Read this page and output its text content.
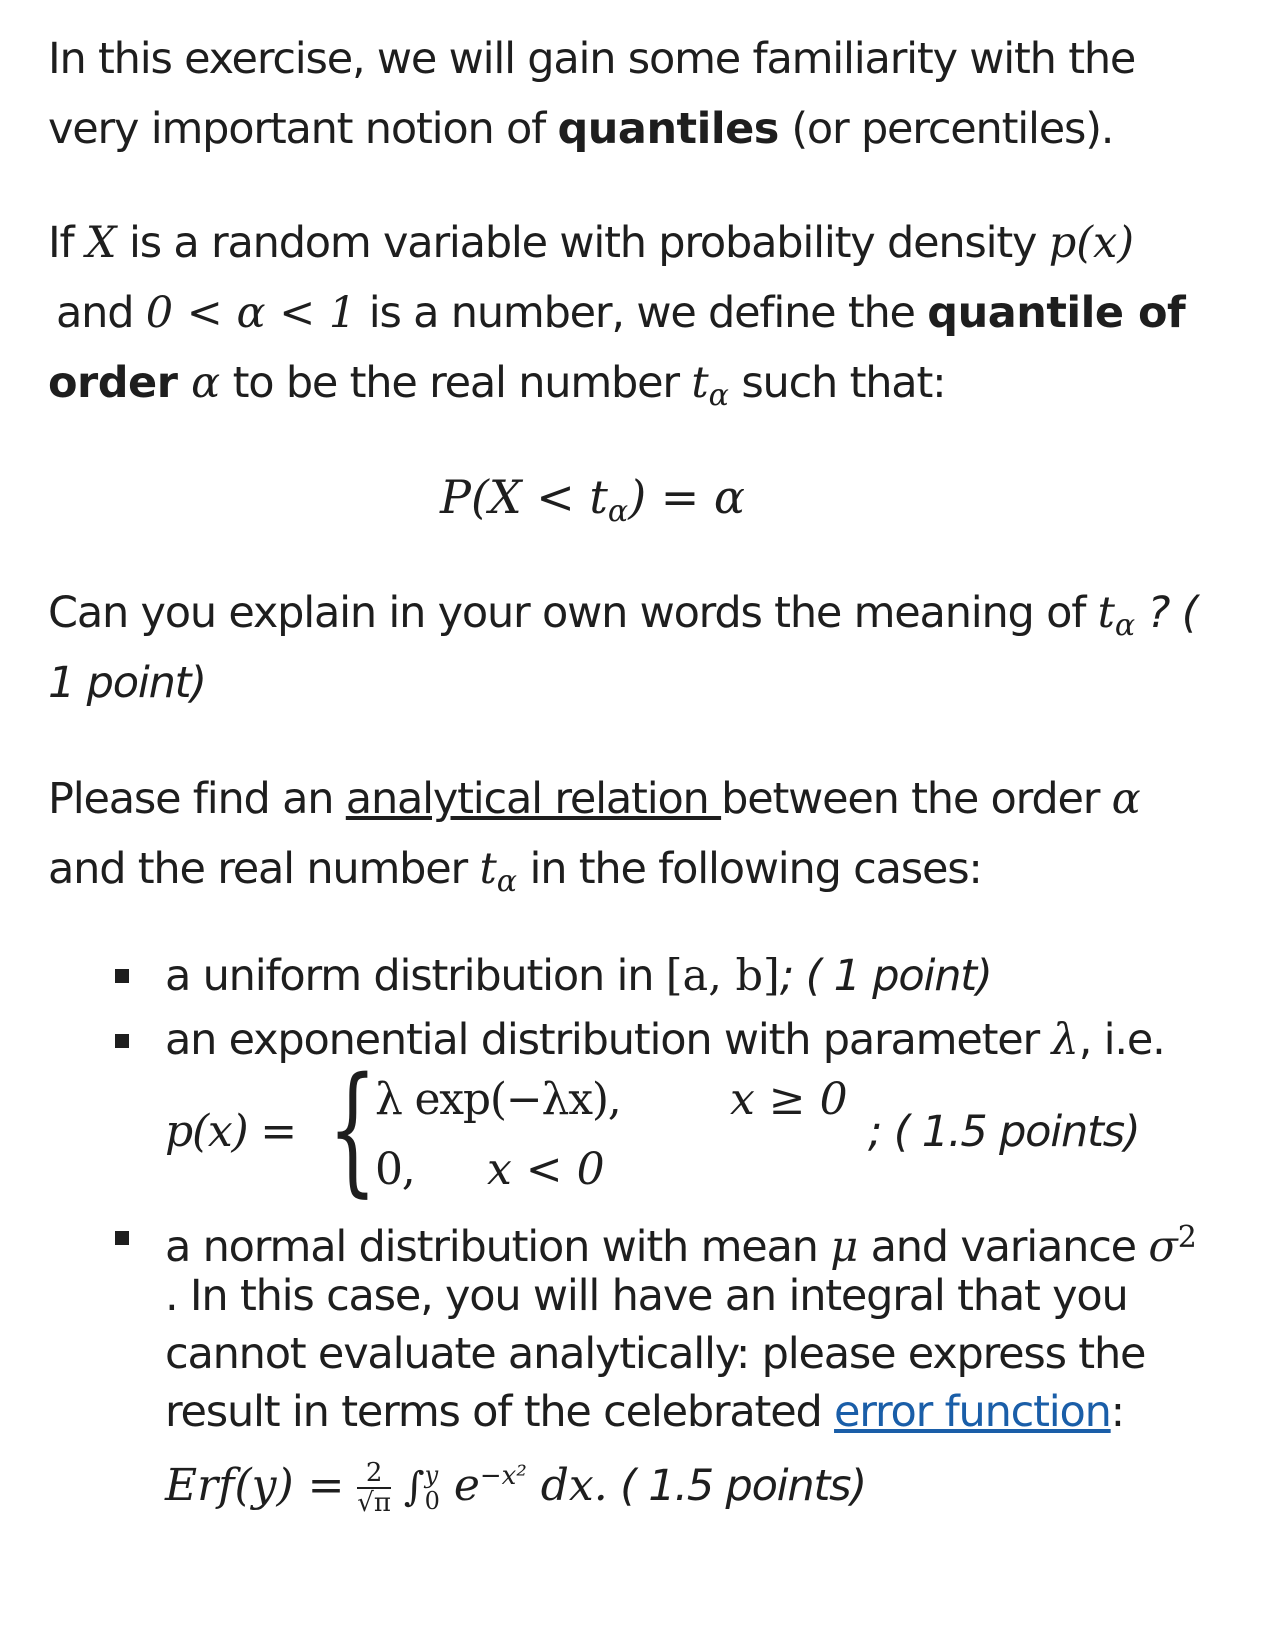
In this exercise, we will gain some familiarity with the
very important notion of quantiles (or percentiles).
If X is a random variable with probability density p(x)
and 0 < α < 1 is a number, we define the quantile of
order α to be the real number $t_\alpha$ such that:
$P(X < t_\alpha) = \alpha$
Can you explain in your own words the meaning of $t_\alpha$ ? (
1 point)
Please find an analytical relation between the order α
and the real number $t_\alpha$ in the following cases:
a uniform distribution in [a, b]; ( 1 point)
an exponential distribution with parameter λ, i.e.
p(x) = {
λ exp(−λx), x ≥ 0
0, x < 0
; ( 1.5 points)
a normal distribution with mean μ and variance $\sigma^2$
. In this case, you will have an integral that you
cannot evaluate analytically: please express the
result in terms of the celebrated error function:
$Erf(y) = \frac{2}{√\pi}$ ∫ y
0 $e^{-x^2}$ dx. ( 1.5 points)
